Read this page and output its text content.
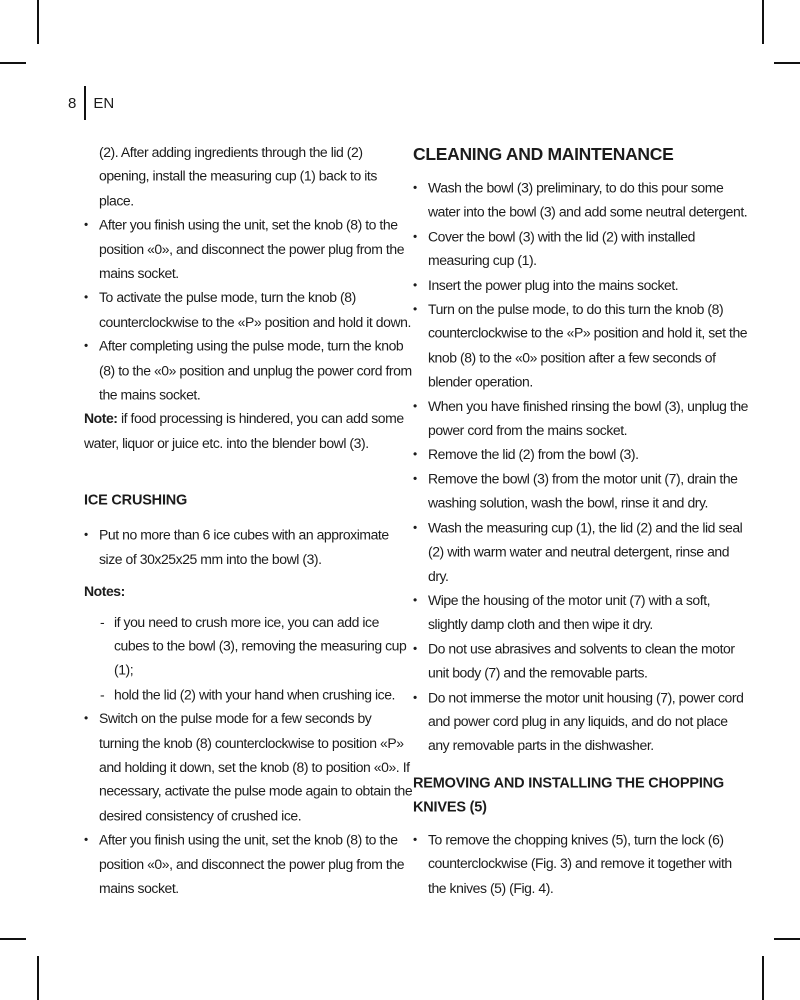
8 EN
(2). After adding ingredients through the lid (2) opening, install the measuring cup (1) back to its place.
• After you finish using the unit, set the knob (8) to the position «0», and disconnect the power plug from the mains socket.
• To activate the pulse mode, turn the knob (8) counterclockwise to the «P» position and hold it down.
• After completing using the pulse mode, turn the knob (8) to the «0» position and unplug the power cord from the mains socket.

Note: if food processing is hindered, you can add some water, liquor or juice etc. into the blender bowl (3).

ICE CRUSHING
• Put no more than 6 ice cubes with an approximate size of 30x25x25 mm into the bowl (3).

Notes:

- if you need to crush more ice, you can add ice cubes to the bowl (3), removing the measuring cup (1);
- hold the lid (2) with your hand when crushing ice.
• Switch on the pulse mode for a few seconds by turning the knob (8) counterclockwise to position «P» and holding it down, set the knob (8) to position «0». If necessary, activate the pulse mode again to obtain the desired consistency of crushed ice.
• After you finish using the unit, set the knob (8) to the position «0», and disconnect the power plug from the mains socket.
CLEANING AND MAINTENANCE
• Wash the bowl (3) preliminary, to do this pour some water into the bowl (3) and add some neutral detergent.
• Cover the bowl (3) with the lid (2) with installed measuring cup (1).
• Insert the power plug into the mains socket.
• Turn on the pulse mode, to do this turn the knob (8) counterclockwise to the «P» position and hold it, set the knob (8) to the «0» position after a few seconds of blender operation.
• When you have finished rinsing the bowl (3), unplug the power cord from the mains socket.
• Remove the lid (2) from the bowl (3).
• Remove the bowl (3) from the motor unit (7), drain the washing solution, wash the bowl, rinse it and dry.
• Wash the measuring cup (1), the lid (2) and the lid seal (2) with warm water and neutral detergent, rinse and dry.
• Wipe the housing of the motor unit (7) with a soft, slightly damp cloth and then wipe it dry.
• Do not use abrasives and solvents to clean the motor unit body (7) and the removable parts.
• Do not immerse the motor unit housing (7), power cord and power cord plug in any liquids, and do not place any removable parts in the dishwasher.
REMOVING AND INSTALLING THE CHOPPING KNIVES (5)
• To remove the chopping knives (5), turn the lock (6) counterclockwise (Fig. 3) and remove it together with the knives (5) (Fig. 4).
